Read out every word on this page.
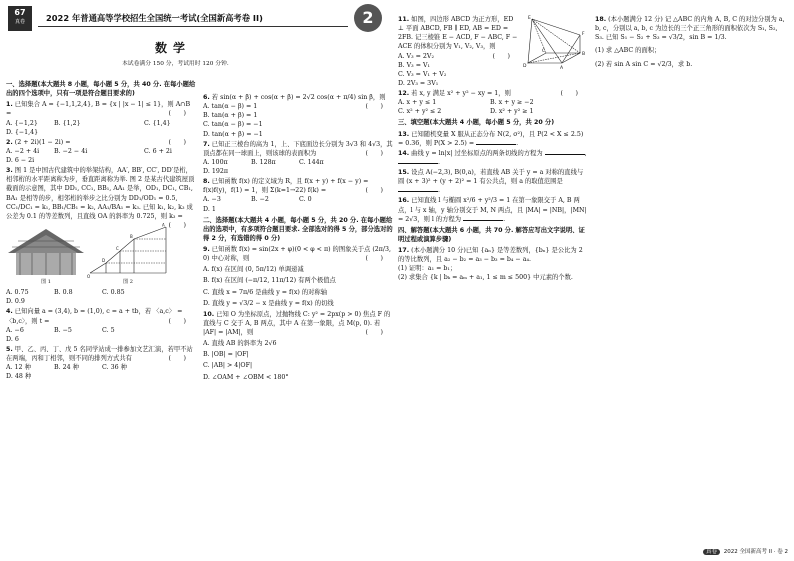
67
真卷	2022 年普通高等学校招生全国统一考试(全国新高考卷 II)	2
数学
本试卷满分 150 分，考试用时 120 分钟.
一、选择题(本大题共 8 小题，每小题 5 分，共 40 分. 在每小题给出的四个选项中，只有一项是符合题目要求的)
1. 已知集合 A = {−1,1,2,4}, B = {x | |x − 1| ≤ 1}，则 A∩B =	(　　)
A. {−1,2}	B. {1,2}	C. {1,4}
D. {−1,4}
2. (2 + 2i)(1 − 2i) =	(　　)
A. −2 + 4i	B. −2 − 4i	C. 6 + 2i
D. 6 − 2i
3. 图 1 是中国古代建筑中的举架结构，AA′, BB′, CC′, DD′是桁，相邻桁的水平距离称为步，垂直距离称为举. 图 2 是某古代建筑屋顶截面的示意图，其中 DD₁, CC₁, BB₁, AA₁ 是举，OD₁, DC₁, CB₁, BA₁ 是相等的步，相邻桁的举步之比分别为 DD₁/OD₁ = 0.5, CC₁/DC₁ = k₁, BB₁/CB₁ = k₂, AA₁/BA₁ = k₃. 已知 k₁, k₂, k₃ 成公差为 0.1 的等差数列，且直线 OA 的斜率为 0.725，则 k₃ =
(　　)
图 1
O
D
C
B
A
图 2
A. 0.75	B. 0.8	C. 0.85
D. 0.9
4. 已知向量 a = (3,4), b = (1,0), c = a + tb，若 〈a,c〉 = 〈b,c〉，则 t =	(　　)
A. −6	B. −5	C. 5
D. 6
5. 甲、乙、丙、丁、戊 5 名同学站成一排参加文艺汇演，若甲不站在两端，丙和丁相邻，则不同的排列方式共有	(　　)
A. 12 种	B. 24 种	C. 36 种
D. 48 种
6. 若 sin(α + β) + cos(α + β) = 2√2 cos(α + π/4) sin β，则
(　　)
A. tan(α − β) = 1
B. tan(α + β) = 1
C. tan(α − β) = −1
D. tan(α + β) = −1
7. 已知正三棱台的高为 1，上、下底面边长分别为 3√3 和 4√3，其顶点都在同一球面上，则该球的表面积为	(　　)
A. 100π	B. 128π	C. 144π
D. 192π
8. 已知函数 f(x) 的定义域为 R，且 f(x + y) + f(x − y) = f(x)f(y)，f(1) = 1，则 Σ(k=1→22) f(k) =	(　　)
A. −3	B. −2	C. 0
D. 1
二、选择题(本大题共 4 小题，每小题 5 分，共 20 分. 在每小题给出的选项中，有多项符合题目要求. 全部选对的得 5 分，部分选对的得 2 分，有选错的得 0 分)
9. 已知函数 f(x) = sin(2x + φ)(0 < φ < π) 的图象关于点 (2π/3, 0) 中心对称，则	(　　)
A. f(x) 在区间 (0, 5π/12) 单调递减
B. f(x) 在区间 (−π/12, 11π/12) 有两个极值点
C. 直线 x = 7π/6 是曲线 y = f(x) 的对称轴
D. 直线 y = √3/2 − x 是曲线 y = f(x) 的切线
10. 已知 O 为坐标原点，过抛物线 C: y² = 2px(p > 0) 焦点 F 的直线与 C 交于 A, B 两点，其中 A 在第一象限，点 M(p, 0). 若 |AF| = |AM|，则	(　　)
A. 直线 AB 的斜率为 2√6
B. |OB| = |OF|
C. |AB| > 4|OF|
D. ∠OAM + ∠OBM < 180°
E
F
D	A
B
C
11. 如图，四边形 ABCD 为正方形，ED ⊥ 平面 ABCD, FB ∥ ED, AB = ED = 2FB. 记三棱锥 E − ACD, F − ABC, F − ACE 的体积分别为 V₁, V₂, V₃，则
(　　)
A. V₃ = 2V₂
B. V₃ = V₁
C. V₃ = V₁ + V₂
D. 2V₃ = 3V₁
12. 若 x, y 满足 x² + y² − xy = 1，则	(　　)
A. x + y ≤ 1	B. x + y ≥ −2
C. x² + y² ≤ 2	D. x² + y² ≥ 1
三、填空题(本大题共 4 小题，每小题 5 分，共 20 分)
13. 已知随机变量 X 服从正态分布 N(2, σ²)，且 P(2 < X ≤ 2.5) = 0.36，则 P(X > 2.5) =	.
14. 曲线 y = ln|x| 过坐标原点的两条切线的方程为	, .
15. 设点 A(−2,3), B(0,a)，若直线 AB 关于 y = a 对称的直线与圆 (x + 3)² + (y + 2)² = 1 有公共点，则 a 的取值范围是 .
16. 已知直线 l 与椭圆 x²/6 + y²/3 = 1 在第一象限交于 A, B 两点，l 与 x 轴，y 轴分别交于 M, N 两点，且 |MA| = |NB|，|MN| = 2√3，则 l 的方程为	.
四、解答题(本大题共 6 小题，共 70 分. 解答应写出文字说明、证明过程或演算步骤)
17. (本小题满分 10 分)已知 {aₙ} 是等差数列，{bₙ} 是公比为 2 的等比数列，且 a₂ − b₂ = a₃ − b₃ = b₄ − a₄.
(1) 证明：a₁ = b₁；
(2) 求集合 {k | bₖ = aₘ + a₁, 1 ≤ m ≤ 500} 中元素的个数.
18. (本小题满分 12 分) 记 △ABC 的内角 A, B, C 的对边分别为 a, b, c，分别以 a, b, c 为边长的三个正三角形的面积依次为 S₁, S₂, S₃. 已知 S₁ − S₂ + S₃ = √3/2，sin B = 1/3.
(1) 求 △ABC 的面积；
(2) 若 sin A sin C = √2/3，求 b.
真卷 2022 全国新高考 II · 卷 2
